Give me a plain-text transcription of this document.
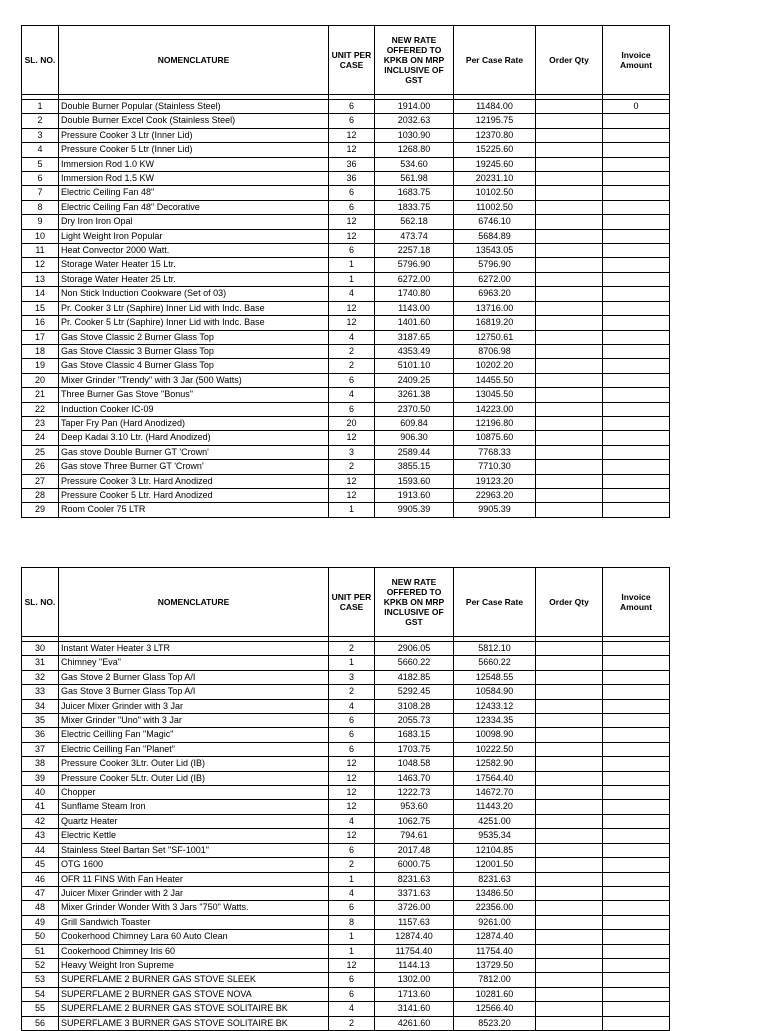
SL. NO.	NOMENCLATURE	UNIT PER CASE	NEW RATE OFFERED TO KPKB ON MRP INCLUSIVE OF GST	Per Case Rate	Order Qty	Invoice Amount

1	Double Burner Popular (Stainless Steel)	6	1914.00	11484.00		0
2	Double Burner Excel Cook (Stainless Steel)	6	2032.63	12195.75		
3	Pressure Cooker 3 Ltr (Inner Lid)	12	1030.90	12370.80		
4	Pressure Cooker 5 Ltr (Inner Lid)	12	1268.80	15225.60		
5	Immersion Rod 1.0 KW	36	534.60	19245.60		
6	Immersion Rod 1.5 KW	36	561.98	20231.10		
7	Electric Ceiling Fan 48"	6	1683.75	10102.50		
8	Electric Ceiling Fan 48" Decorative	6	1833.75	11002.50		
9	Dry Iron Iron Opal	12	562.18	6746.10		
10	Light Weight Iron Popular	12	473.74	5684.89		
11	Heat Convector 2000 Watt.	6	2257.18	13543.05		
12	Storage Water Heater 15 Ltr.	1	5796.90	5796.90		
13	Storage Water Heater 25 Ltr.	1	6272.00	6272.00		
14	Non Stick Induction Cookware (Set of 03)	4	1740.80	6963.20		
15	Pr. Cooker 3 Ltr (Saphire) Inner Lid with Indc. Base	12	1143.00	13716.00		
16	Pr. Cooker 5 Ltr (Saphire) Inner Lid with Indc. Base	12	1401.60	16819.20		
17	Gas Stove Classic 2 Burner Glass Top	4	3187.65	12750.61		
18	Gas Stove Classic 3 Burner Glass Top	2	4353.49	8706.98		
19	Gas Stove Classic 4 Burner Glass Top	2	5101.10	10202.20		
20	Mixer Grinder "Trendy" with 3 Jar (500 Watts)	6	2409.25	14455.50		
21	Three Burner Gas Stove "Bonus"	4	3261.38	13045.50		
22	Induction Cooker IC-09	6	2370.50	14223.00		
23	Taper Fry Pan (Hard Anodized)	20	609.84	12196.80		
24	Deep Kadai 3.10 Ltr. (Hard Anodized)	12	906.30	10875.60		
25	Gas stove Double Burner GT 'Crown'	3	2589.44	7768.33		
26	Gas stove Three Burner GT 'Crown'	2	3855.15	7710.30		
27	Pressure Cooker 3 Ltr. Hard Anodized	12	1593.60	19123.20		
28	Pressure Cooker 5 Ltr. Hard Anodized	12	1913.60	22963.20		
29	Room Cooler 75 LTR	1	9905.39	9905.39		
SL. NO.	NOMENCLATURE	UNIT PER CASE	NEW RATE OFFERED TO KPKB ON MRP INCLUSIVE OF GST	Per Case Rate	Order Qty	Invoice Amount

30	Instant Water Heater 3 LTR	2	2906.05	5812.10		
31	Chimney "Eva"	1	5660.22	5660.22		
32	Gas Stove 2 Burner Glass Top A/I	3	4182.85	12548.55		
33	Gas Stove 3 Burner Glass Top A/I	2	5292.45	10584.90		
34	Juicer Mixer Grinder with 3 Jar	4	3108.28	12433.12		
35	Mixer Grinder "Uno" with 3 Jar	6	2055.73	12334.35		
36	Electric Ceilling Fan "Magic"	6	1683.15	10098.90		
37	Electric Ceilling Fan "Planet"	6	1703.75	10222.50		
38	Pressure Cooker 3Ltr. Outer Lid (IB)	12	1048.58	12582.90		
39	Pressure Cooker 5Ltr. Outer Lid (IB)	12	1463.70	17564.40		
40	Chopper	12	1222.73	14672.70		
41	Sunflame Steam Iron	12	953.60	11443.20		
42	Quartz Heater	4	1062.75	4251.00		
43	Electric Kettle	12	794.61	9535.34		
44	Stainless Steel Bartan Set "SF-1001"	6	2017.48	12104.85		
45	OTG 1600	2	6000.75	12001.50		
46	OFR 11 FINS With Fan Heater	1	8231.63	8231.63		
47	Juicer Mixer Grinder with 2 Jar	4	3371.63	13486.50		
48	Mixer Grinder Wonder With 3 Jars "750" Watts.	6	3726.00	22356.00		
49	Grill Sandwich Toaster	8	1157.63	9261.00		
50	Cookerhood Chimney Lara 60 Auto Clean	1	12874.40	12874.40		
51	Cookerhood Chimney Iris 60	1	11754.40	11754.40		
52	Heavy Weight Iron Supreme	12	1144.13	13729.50		
53	SUPERFLAME 2 BURNER GAS STOVE SLEEK	6	1302.00	7812.00		
54	SUPERFLAME 2 BURNER GAS STOVE NOVA	6	1713.60	10281.60		
55	SUPERFLAME 2 BURNER GAS STOVE SOLITAIRE BK	4	3141.60	12566.40		
56	SUPERFLAME 3 BURNER GAS STOVE SOLITAIRE BK	2	4261.60	8523.20		
